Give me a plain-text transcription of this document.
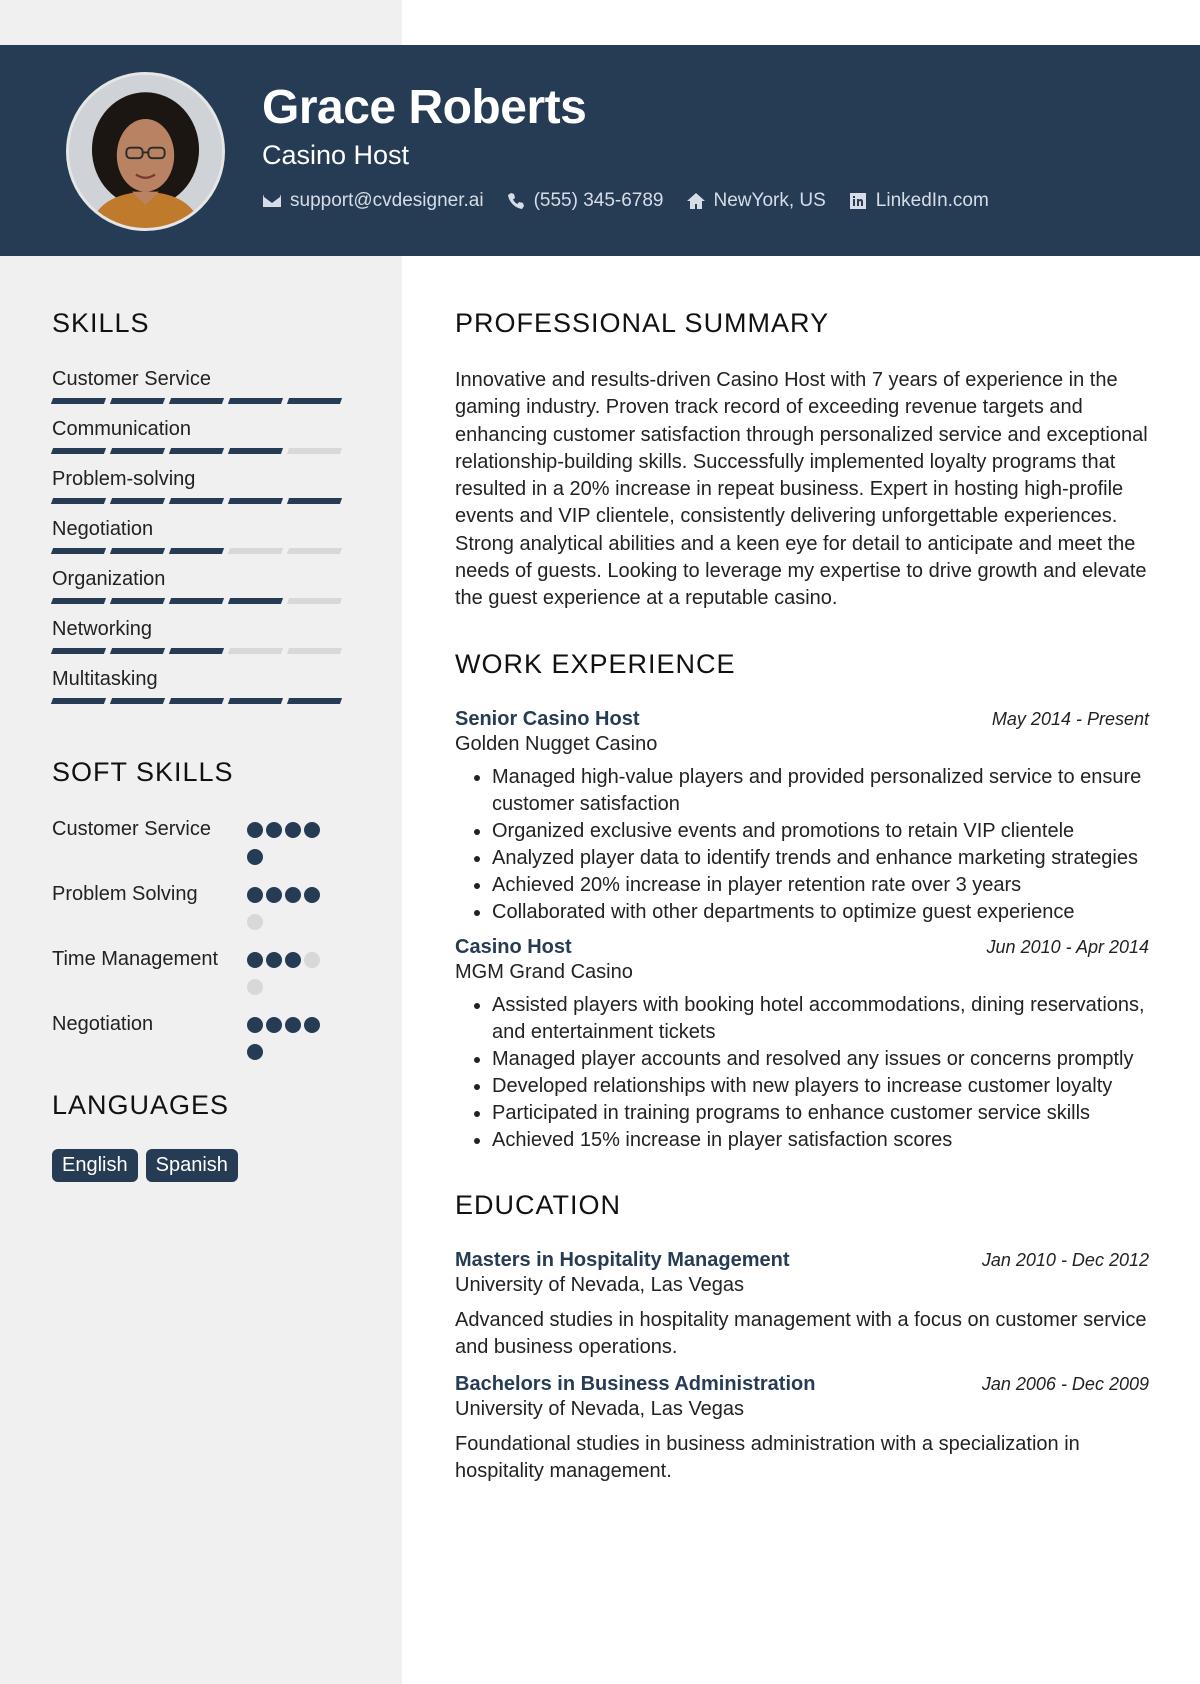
Grace Roberts
Casino Host
support@cvdesigner.ai	(555) 345-6789	NewYork, US	LinkedIn.com
SKILLS
Customer Service
Communication
Problem-solving
Negotiation
Organization
Networking
Multitasking
SOFT SKILLS
Customer Service
Problem Solving
Time Management
Negotiation
LANGUAGES
English	Spanish
PROFESSIONAL SUMMARY

Innovative and results-driven Casino Host with 7 years of experience in the gaming industry. Proven track record of exceeding revenue targets and enhancing customer satisfaction through personalized service and exceptional relationship-building skills. Successfully implemented loyalty programs that resulted in a 20% increase in repeat business. Expert in hosting high-profile events and VIP clientele, consistently delivering unforgettable experiences. Strong analytical abilities and a keen eye for detail to anticipate and meet the needs of guests. Looking to leverage my expertise to drive growth and elevate the guest experience at a reputable casino.

WORK EXPERIENCE
Senior Casino Host	May 2014 - Present
Golden Nugget Casino
• Managed high-value players and provided personalized service to ensure customer satisfaction
• Organized exclusive events and promotions to retain VIP clientele
• Analyzed player data to identify trends and enhance marketing strategies
• Achieved 20% increase in player retention rate over 3 years
• Collaborated with other departments to optimize guest experience
Casino Host	Jun 2010 - Apr 2014
MGM Grand Casino
• Assisted players with booking hotel accommodations, dining reservations, and entertainment tickets
• Managed player accounts and resolved any issues or concerns promptly
• Developed relationships with new players to increase customer loyalty
• Participated in training programs to enhance customer service skills
• Achieved 15% increase in player satisfaction scores
EDUCATION
Masters in Hospitality Management	Jan 2010 - Dec 2012
University of Nevada, Las Vegas

Advanced studies in hospitality management with a focus on customer service and business operations.

Bachelors in Business Administration	Jan 2006 - Dec 2009
University of Nevada, Las Vegas

Foundational studies in business administration with a specialization in hospitality management.
